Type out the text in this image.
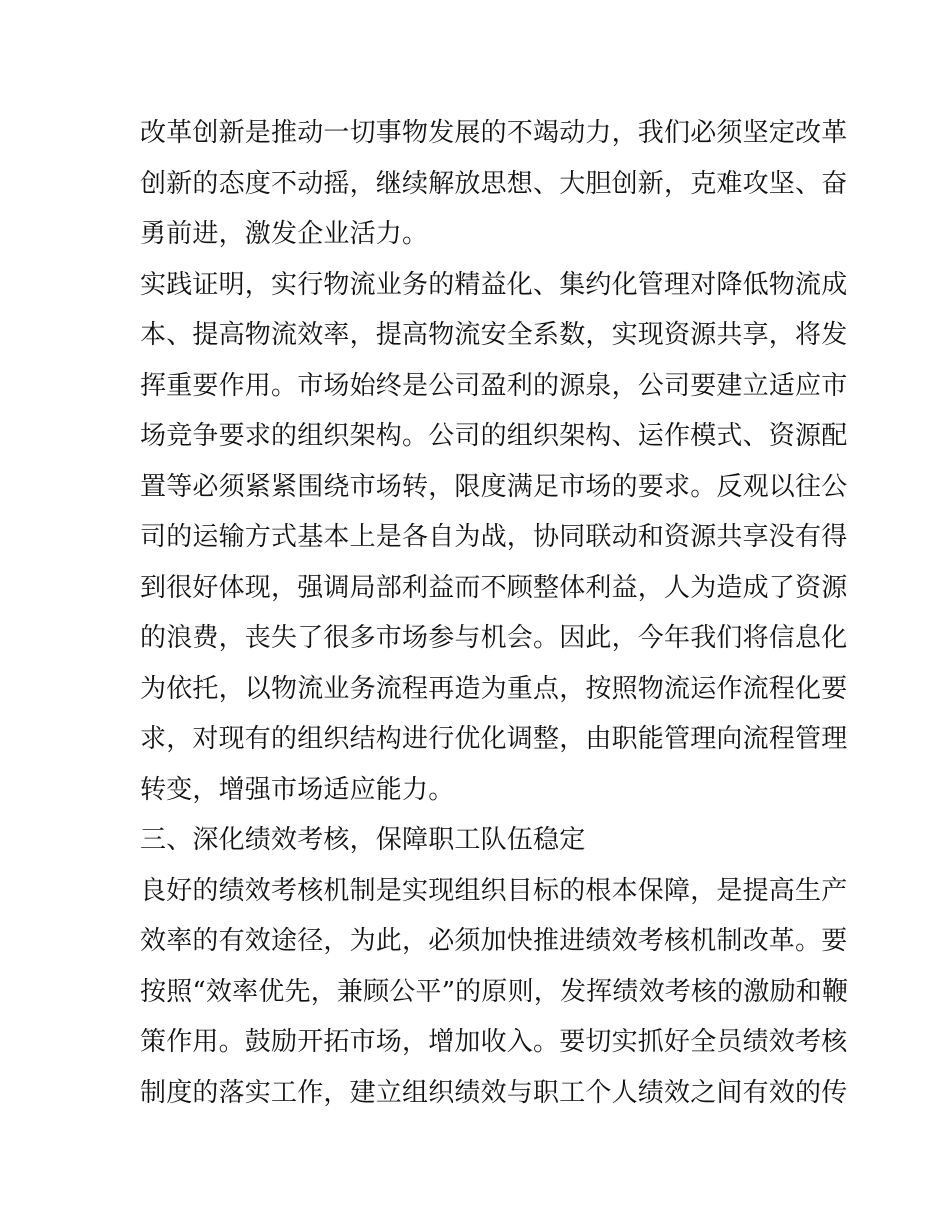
改革创新是推动一切事物发展的不竭动力，我们必须坚定改革
创新的态度不动摇，继续解放思想、大胆创新，克难攻坚、奋
勇前进，激发企业活力。
实践证明，实行物流业务的精益化、集约化管理对降低物流成
本、提高物流效率，提高物流安全系数，实现资源共享，将发
挥重要作用。市场始终是公司盈利的源泉，公司要建立适应市
场竞争要求的组织架构。公司的组织架构、运作模式、资源配
置等必须紧紧围绕市场转，限度满足市场的要求。反观以往公
司的运输方式基本上是各自为战，协同联动和资源共享没有得
到很好体现，强调局部利益而不顾整体利益，人为造成了资源
的浪费，丧失了很多市场参与机会。因此，今年我们将信息化
为依托，以物流业务流程再造为重点，按照物流运作流程化要
求，对现有的组织结构进行优化调整，由职能管理向流程管理
转变，增强市场适应能力。
三、深化绩效考核，保障职工队伍稳定
良好的绩效考核机制是实现组织目标的根本保障，是提高生产
效率的有效途径，为此，必须加快推进绩效考核机制改革。要
按照“效率优先，兼顾公平”的原则，发挥绩效考核的激励和鞭
策作用。鼓励开拓市场，增加收入。要切实抓好全员绩效考核
制度的落实工作，建立组织绩效与职工个人绩效之间有效的传
